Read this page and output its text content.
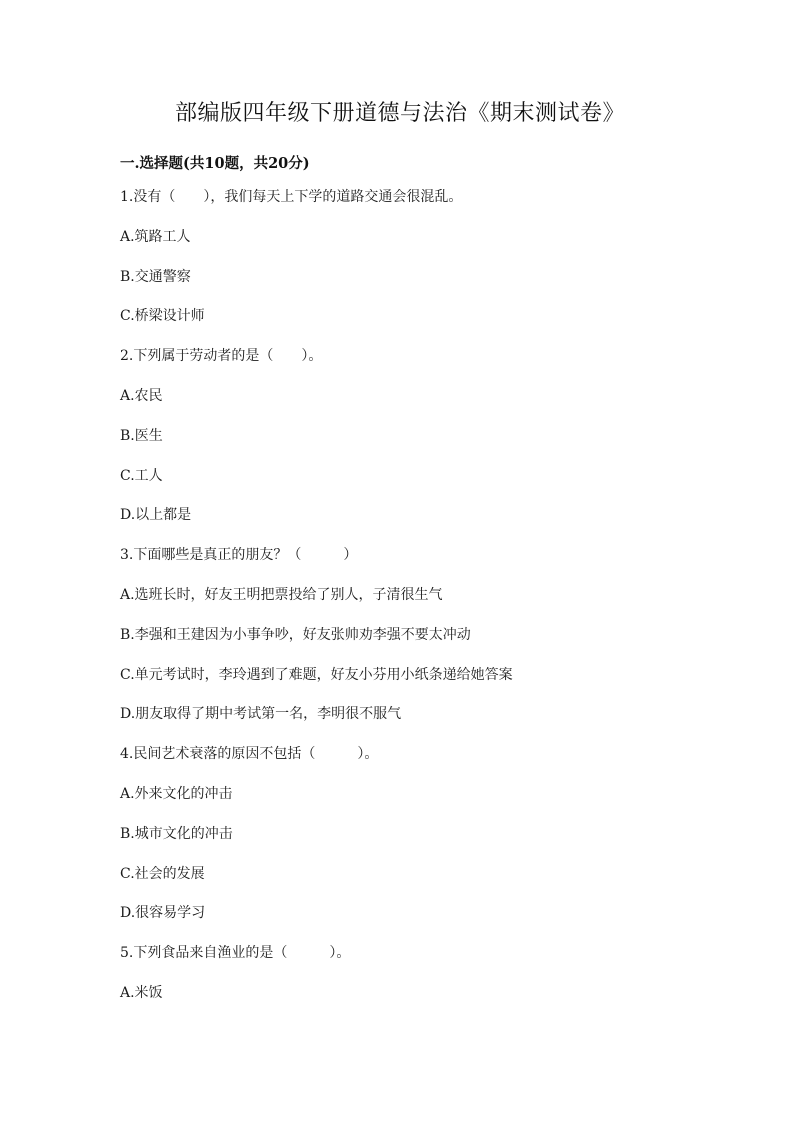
部编版四年级下册道德与法治《期末测试卷》
一.选择题(共10题，共20分)
1.没有（　　），我们每天上下学的道路交通会很混乱。
A.筑路工人
B.交通警察
C.桥梁设计师
2.下列属于劳动者的是（　　）。
A.农民
B.医生
C.工人
D.以上都是
3.下面哪些是真正的朋友？（　　　）
A.选班长时，好友王明把票投给了别人，子清很生气
B.李强和王建因为小事争吵，好友张帅劝李强不要太冲动
C.单元考试时，李玲遇到了难题，好友小芬用小纸条递给她答案
D.朋友取得了期中考试第一名，李明很不服气
4.民间艺术衰落的原因不包括（　　　）。
A.外来文化的冲击
B.城市文化的冲击
C.社会的发展
D.很容易学习
5.下列食品来自渔业的是（　　　）。
A.米饭
